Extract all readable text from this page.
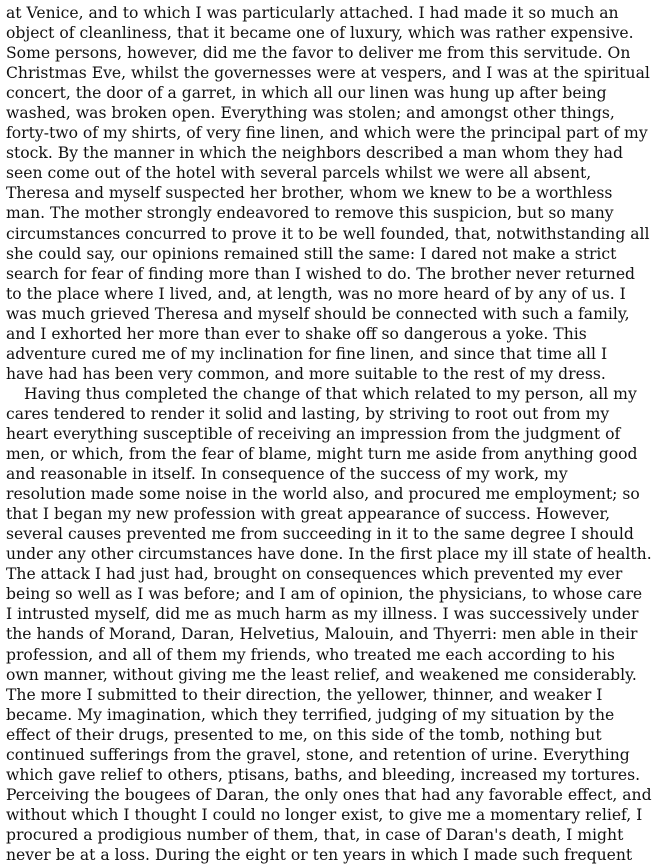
at Venice, and to which I was particularly attached. I had made it so much an
object of cleanliness, that it became one of luxury, which was rather expensive.
Some persons, however, did me the favor to deliver me from this servitude. On
Christmas Eve, whilst the governesses were at vespers, and I was at the spiritual
concert, the door of a garret, in which all our linen was hung up after being
washed, was broken open. Everything was stolen; and amongst other things,
forty-two of my shirts, of very fine linen, and which were the principal part of my
stock. By the manner in which the neighbors described a man whom they had
seen come out of the hotel with several parcels whilst we were all absent,
Theresa and myself suspected her brother, whom we knew to be a worthless
man. The mother strongly endeavored to remove this suspicion, but so many
circumstances concurred to prove it to be well founded, that, notwithstanding all
she could say, our opinions remained still the same: I dared not make a strict
search for fear of finding more than I wished to do. The brother never returned
to the place where I lived, and, at length, was no more heard of by any of us. I
was much grieved Theresa and myself should be connected with such a family,
and I exhorted her more than ever to shake off so dangerous a yoke. This
adventure cured me of my inclination for fine linen, and since that time all I
have had has been very common, and more suitable to the rest of my dress.
Having thus completed the change of that which related to my person, all my
cares tendered to render it solid and lasting, by striving to root out from my
heart everything susceptible of receiving an impression from the judgment of
men, or which, from the fear of blame, might turn me aside from anything good
and reasonable in itself. In consequence of the success of my work, my
resolution made some noise in the world also, and procured me employment; so
that I began my new profession with great appearance of success. However,
several causes prevented me from succeeding in it to the same degree I should
under any other circumstances have done. In the first place my ill state of health.
The attack I had just had, brought on consequences which prevented my ever
being so well as I was before; and I am of opinion, the physicians, to whose care
I intrusted myself, did me as much harm as my illness. I was successively under
the hands of Morand, Daran, Helvetius, Malouin, and Thyerri: men able in their
profession, and all of them my friends, who treated me each according to his
own manner, without giving me the least relief, and weakened me considerably.
The more I submitted to their direction, the yellower, thinner, and weaker I
became. My imagination, which they terrified, judging of my situation by the
effect of their drugs, presented to me, on this side of the tomb, nothing but
continued sufferings from the gravel, stone, and retention of urine. Everything
which gave relief to others, ptisans, baths, and bleeding, increased my tortures.
Perceiving the bougees of Daran, the only ones that had any favorable effect, and
without which I thought I could no longer exist, to give me a momentary relief, I
procured a prodigious number of them, that, in case of Daran's death, I might
never be at a loss. During the eight or ten years in which I made such frequent
